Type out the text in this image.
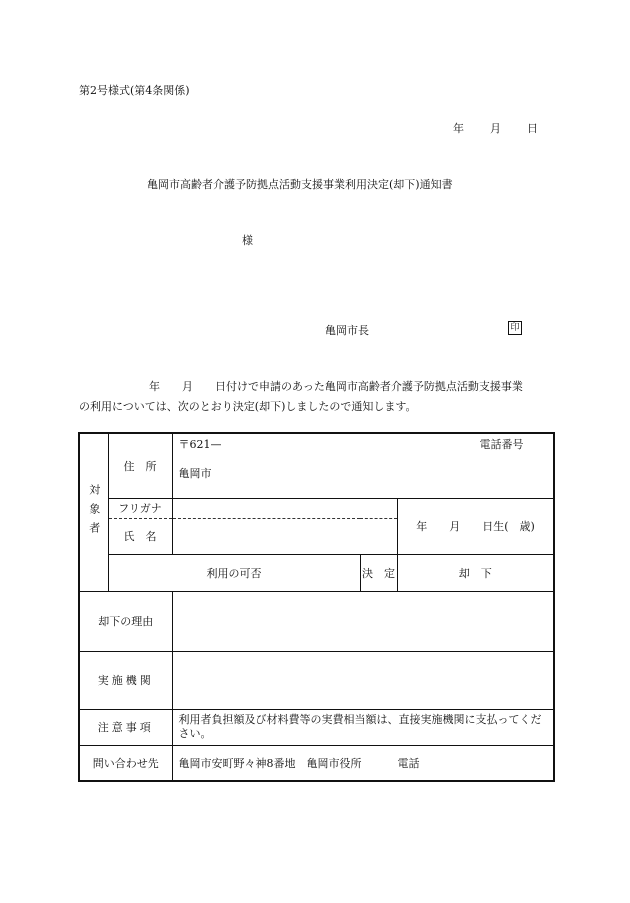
第2号様式(第4条関係)
年 月 日
亀岡市高齢者介護予防拠点活動支援事業利用決定(却下)通知書
様
亀岡市長	印
年　　月　　日付けで申請のあった亀岡市高齢者介護予防拠点活動支援事業
の利用については、次のとおり決定(却下)しましたので通知します。
対象者	住　所	〒621— 電話番号		

		亀岡市		
	フリガナ			年　　月　　日生(　歳)
	氏　名			
	利用の可否		決　定	却　下
却下の理由				
実施機関				
注意事項		利用者負担額及び材料費等の実費相当額は、直接実施機関に支払ってください。		
問い合わせ先		亀岡市安町野々神8番地　亀岡市役所 電話		
